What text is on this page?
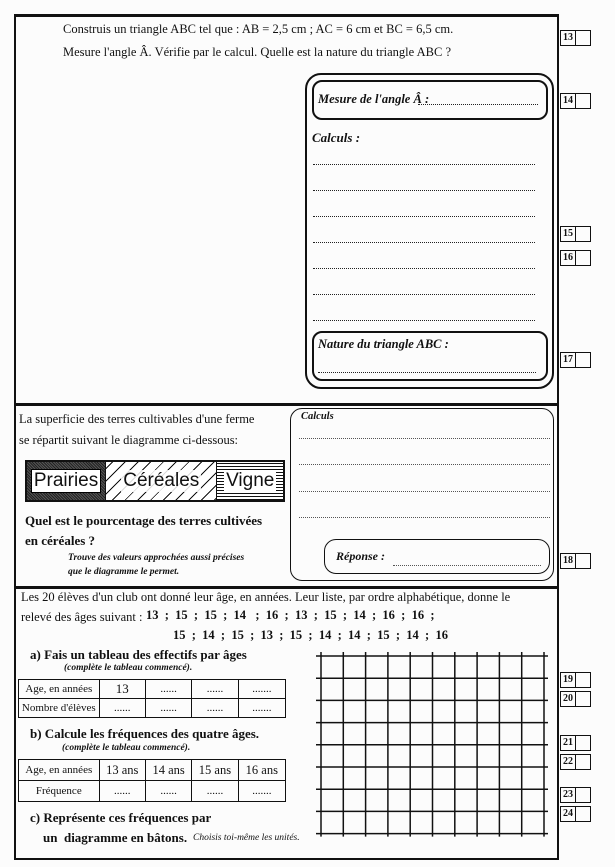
Construis un triangle ABC tel que : AB = 2,5 cm ; AC = 6 cm et BC = 6,5 cm.
Mesure l'angle Â. Vérifie par le calcul. Quelle est la nature du triangle ABC ?
Mesure de l'angle Â :
Calculs :
Nature du triangle ABC :
La superficie des terres cultivables d'une ferme
se répartit suivant le diagramme ci-dessous:
Prairies Céréales Vigne
Quel est le pourcentage des terres cultivées
en céréales ?
Trouve des valeurs approchées aussi précises
que le diagramme le permet.
Calculs
Réponse :
Les 20 élèves d'un club ont donné leur âge, en années. Leur liste, par ordre alphabétique, donne le
relevé des âges suivant : 13  ;  15  ;  15  ;  14   ;  16  ;  13  ;  15  ;  14  ;  16  ;  16  ;
15  ;  14  ;  15  ;  13  ;  15  ;  14  ;  14  ;  15  ;  14  ;  16
a) Fais un tableau des effectifs par âges
(complète le tableau commencé).
Age, en années	13	......	......	.......
Nombre d'élèves	......	......	......	.......
b) Calcule les fréquences des quatre âges.
(complète le tableau commencé).
Age, en années	13 ans	14 ans	15 ans	16 ans
Fréquence	......	......	......	.......
c) Représente ces fréquences par
un  diagramme en bâtons. Choisis toi-même les unités.
13
14
15
16
17
18
19
20
21
22
23
24
